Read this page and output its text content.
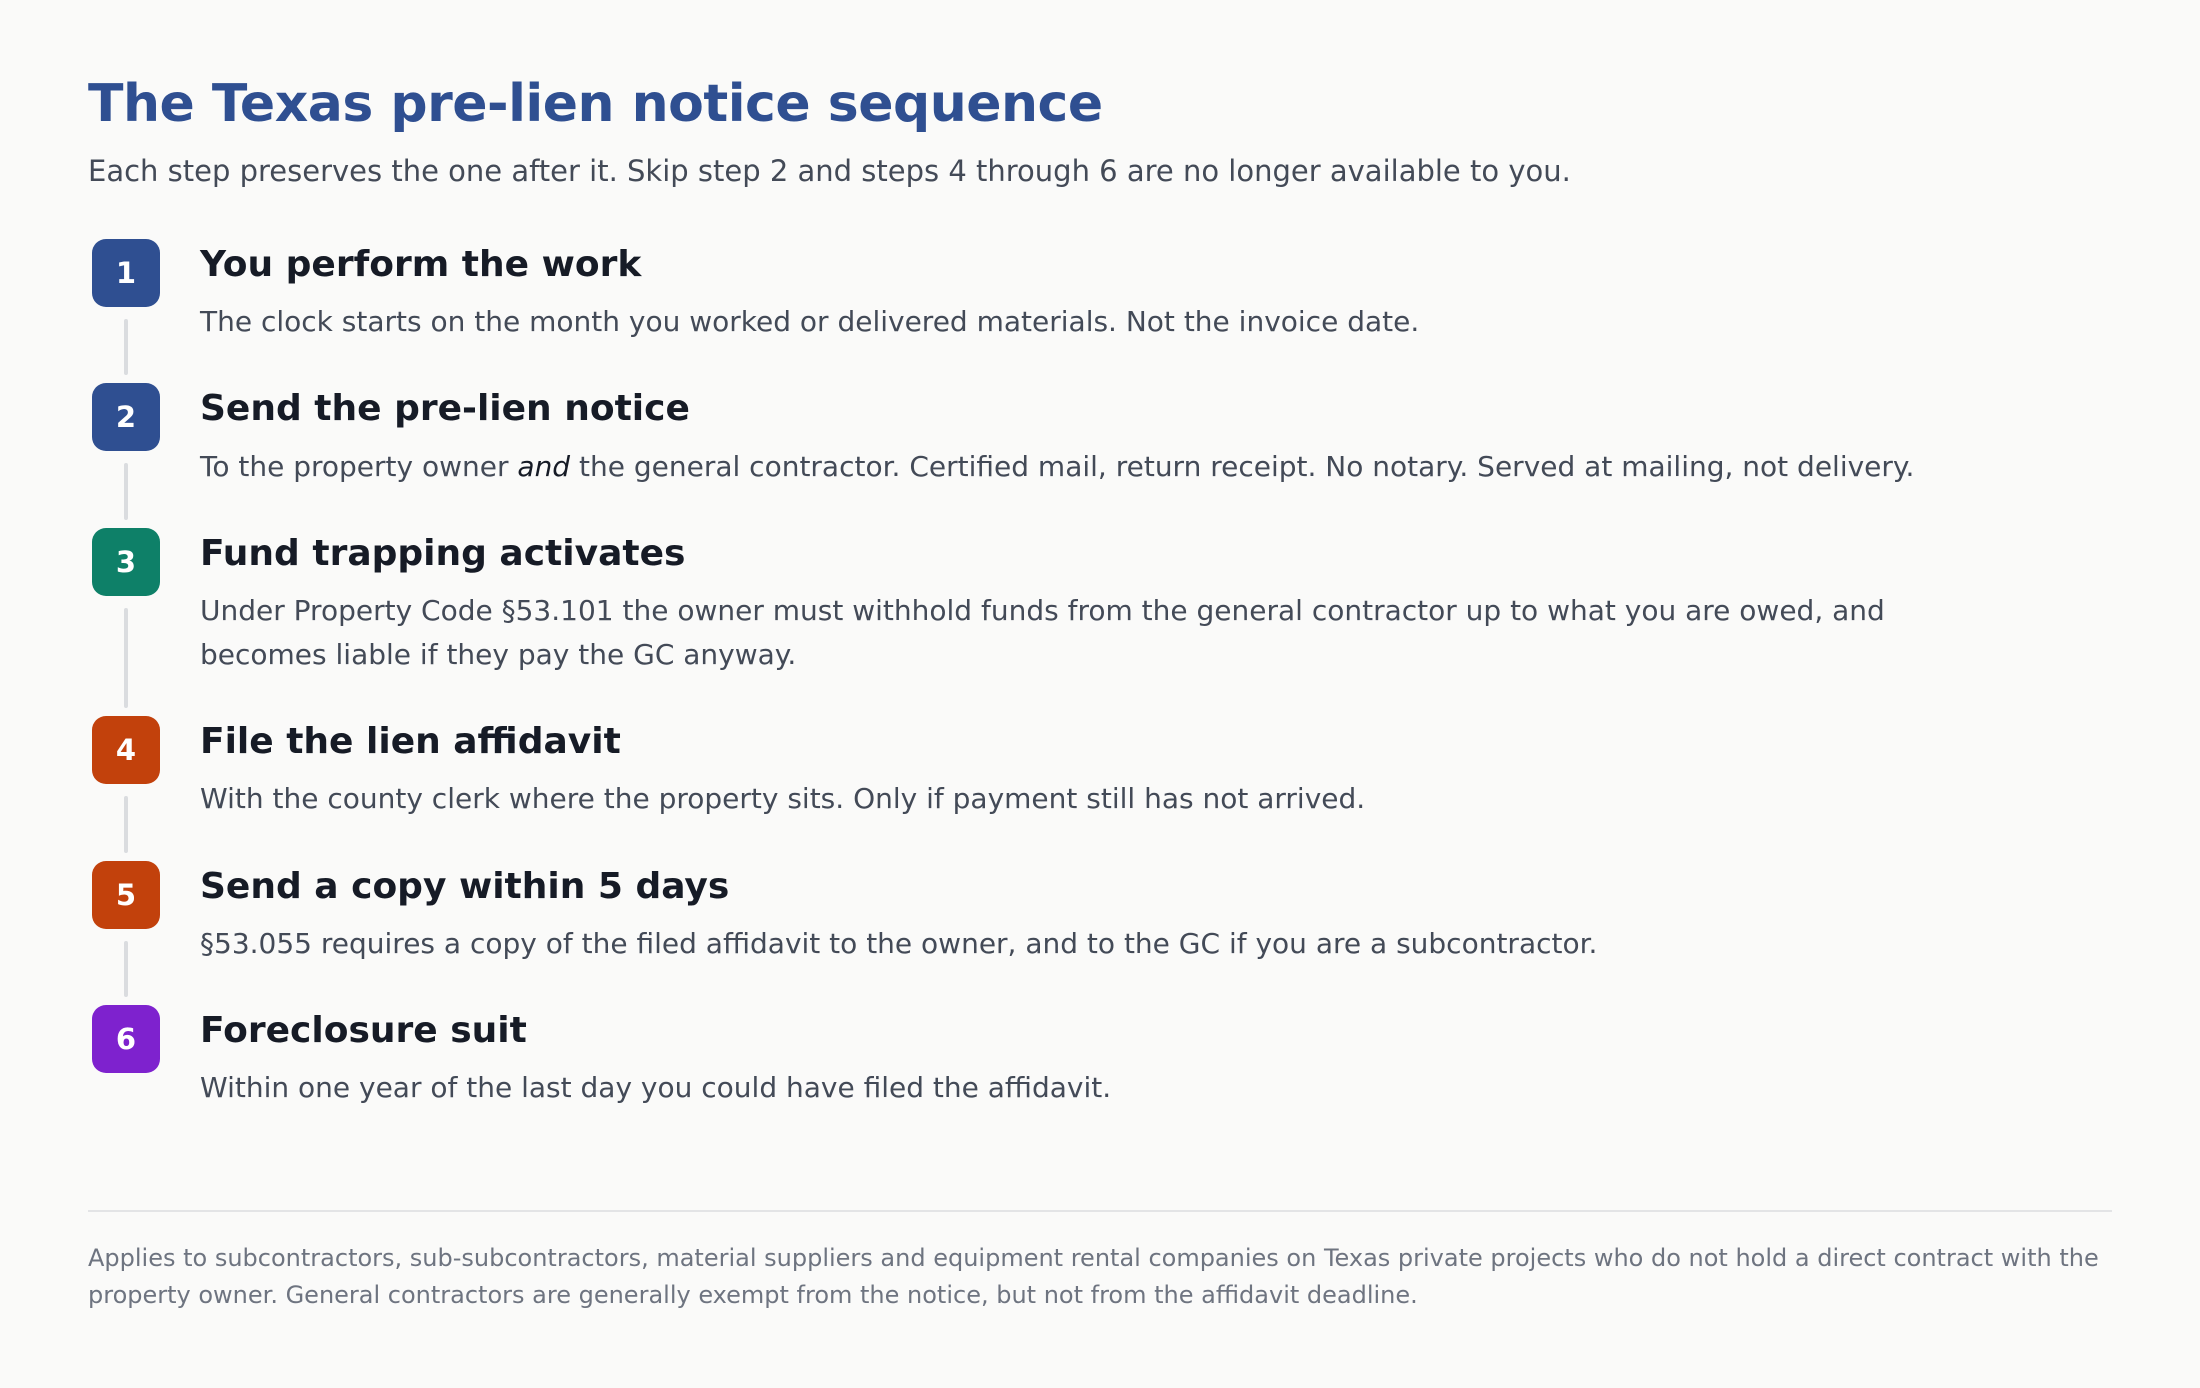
The Texas pre-lien notice sequence

Each step preserves the one after it. Skip step 2 and steps 4 through 6 are no longer available to you.

1	You perform the work

The clock starts on the month you worked or delivered materials. Not the invoice date.

2	Send the pre-lien notice

To the property owner and the general contractor. Certified mail, return receipt. No notary. Served at mailing, not delivery.

3	Fund trapping activates

Under Property Code §53.101 the owner must withhold funds from the general contractor up to what you are owed, and becomes liable if they pay the GC anyway.

4	File the lien affidavit

With the county clerk where the property sits. Only if payment still has not arrived.

5	Send a copy within 5 days

§53.055 requires a copy of the filed affidavit to the owner, and to the GC if you are a subcontractor.

6	Foreclosure suit

Within one year of the last day you could have filed the affidavit.

Applies to subcontractors, sub-subcontractors, material suppliers and equipment rental companies on Texas private projects who do not hold a direct contract with the property owner. General contractors are generally exempt from the notice, but not from the affidavit deadline.
